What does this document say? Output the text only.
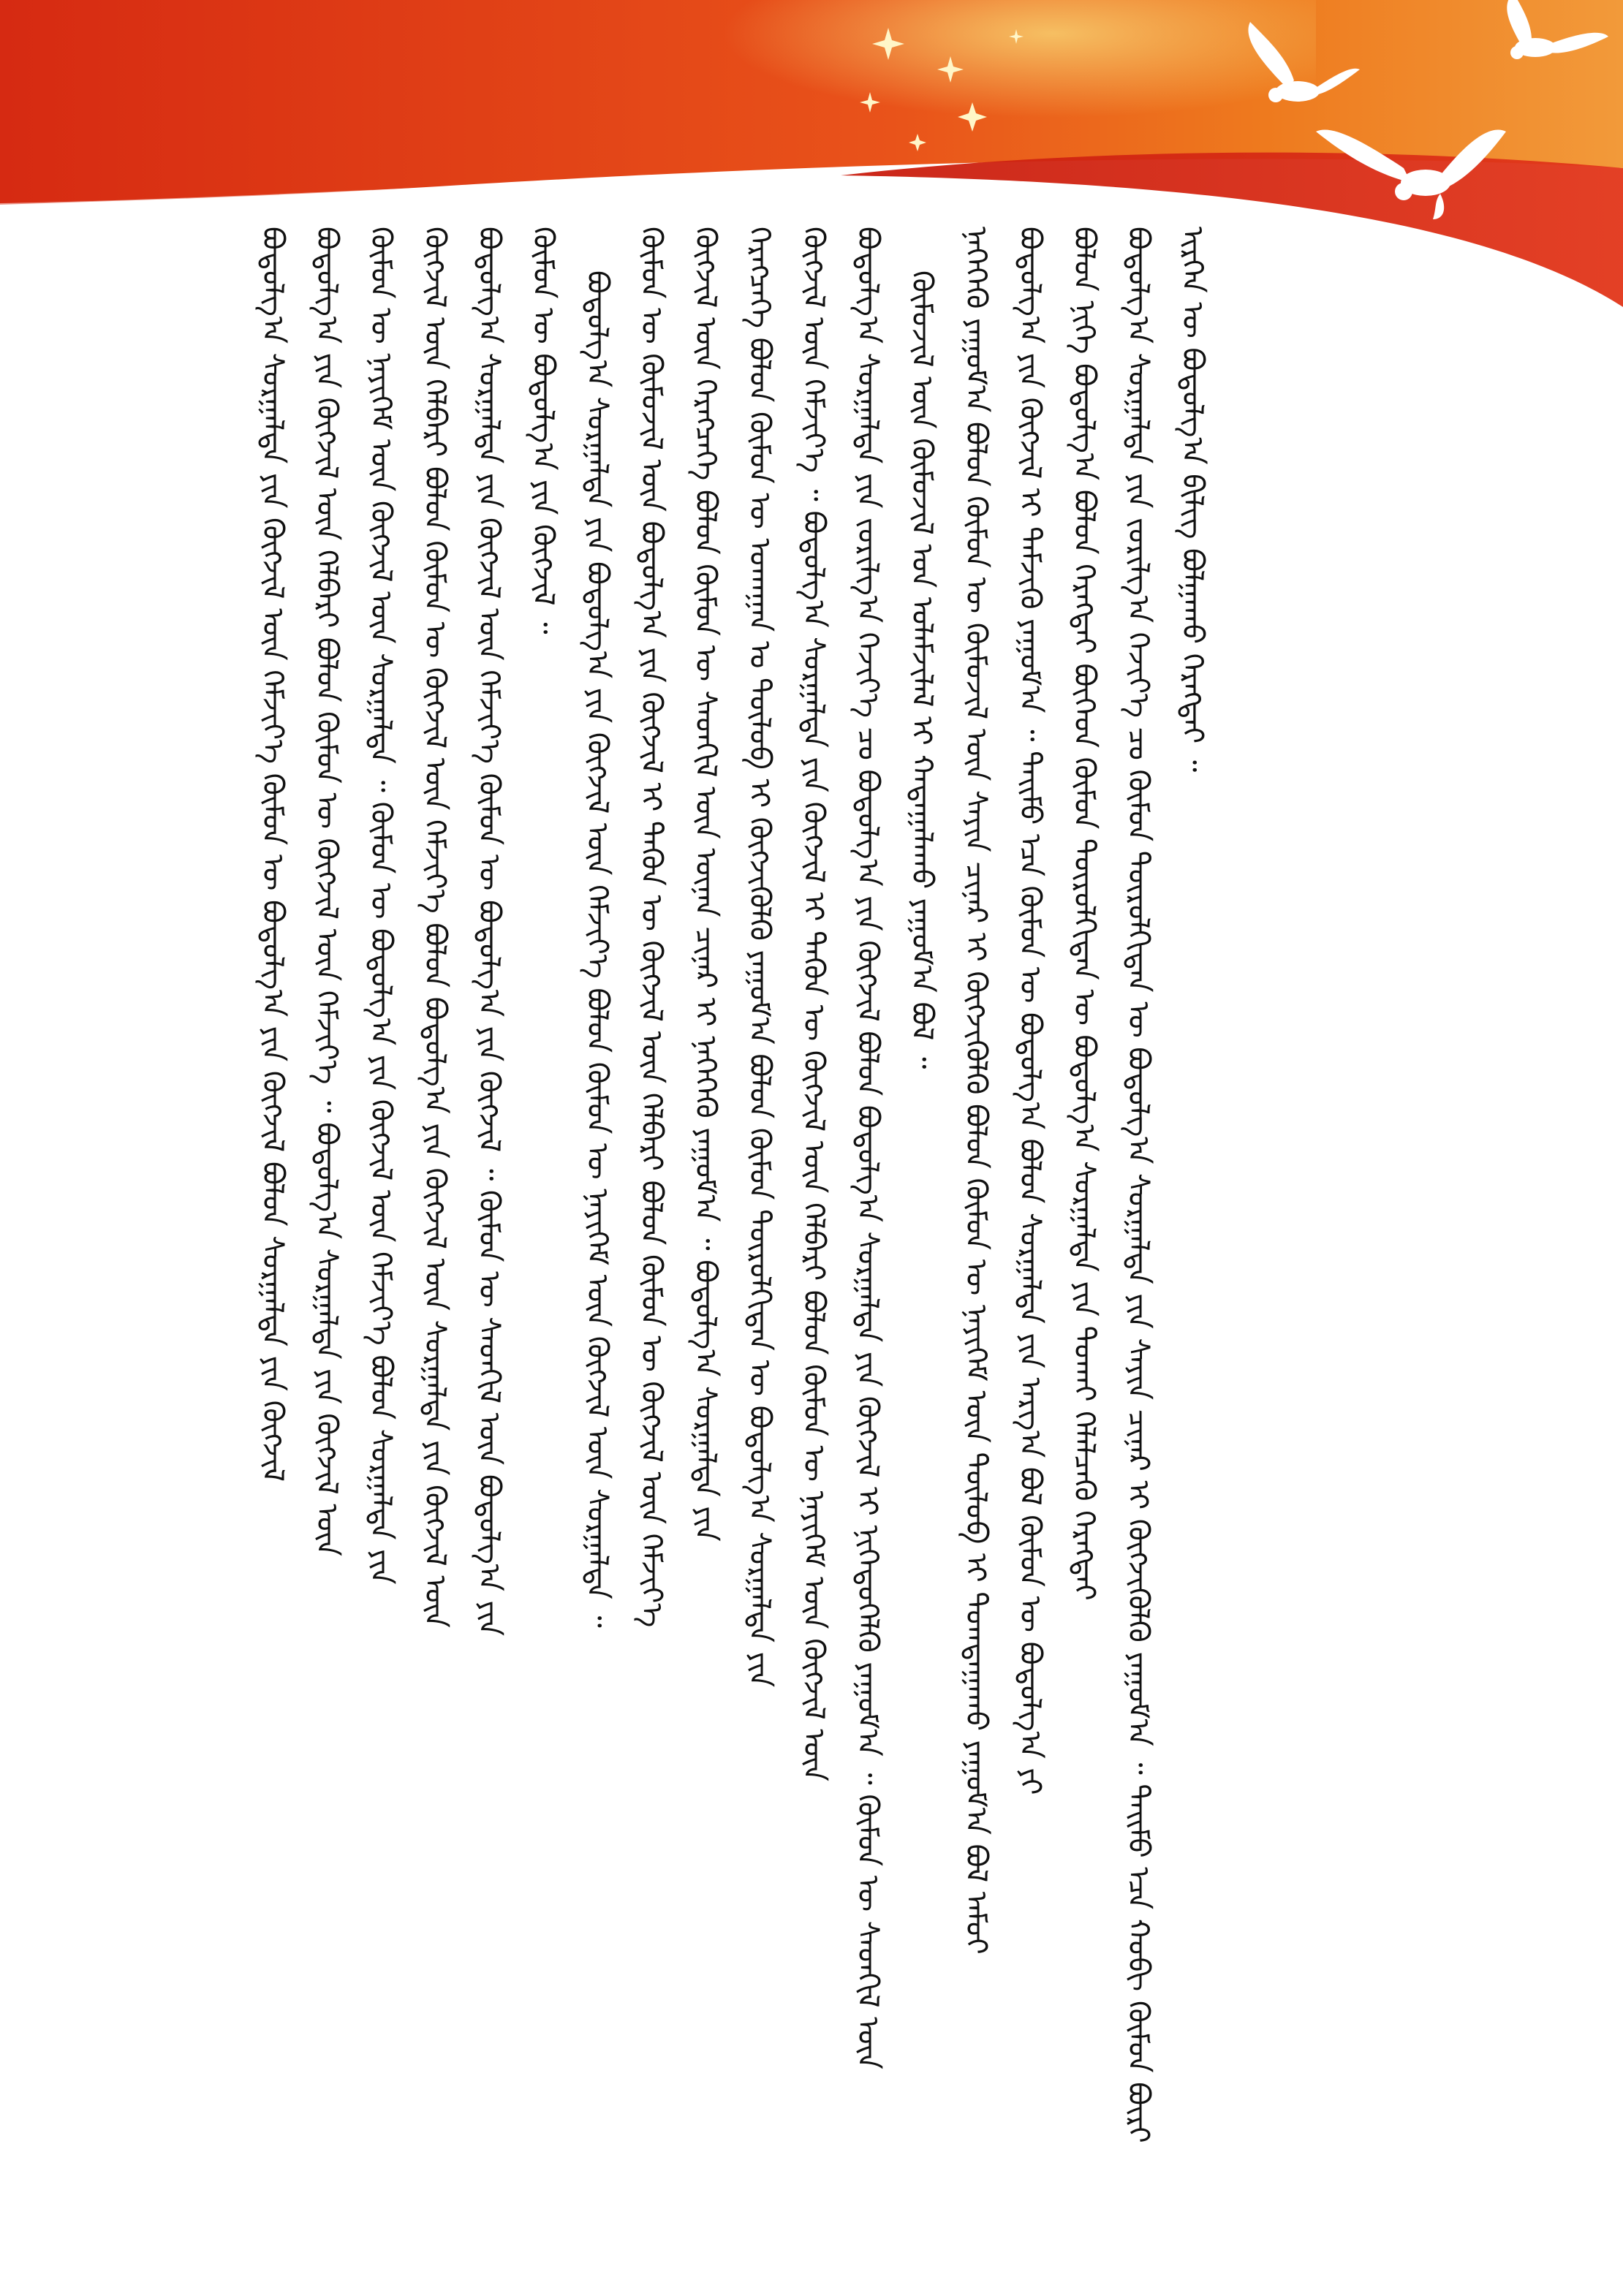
ᠢᠷᠭᠡᠨ ᠦ ᠪᠣᠳᠣᠯᠭ᠎ᠠ ᠪᠢᠯᠢᠭ ᠪᠣᠯᠭᠠᠬᠤ ᠬᠡᠷᠡᠭᠲᠡᠢ ᠃
ᠪᠣᠳᠣᠯᠭ᠎ᠠ ᠰᠤᠷᠭᠠᠯᠲᠠ ᠶᠢᠨ ᠵᠣᠷᠢᠯᠭ᠎ᠠ ᠬᠡᠵᠢᠶ᠎ᠡ ᠴᠤ ᠬᠦᠮᠦᠨ ᠲᠥᠷᠥᠯᠬᠢᠲᠡᠨ ᠦ ᠪᠣᠳᠣᠯᠭ᠎ᠠ ᠰᠤᠷᠭᠠᠯᠲᠠ ᠶᠢᠨ ᠰᠠᠶᠢᠨ ᠴᠢᠨᠠᠷ ᠢ ᠬᠥᠭᠵᠢᠭᠦᠯᠬᠦ ᠶᠠᠭᠤᠮ᠎ᠠ ᠃ ᠲᠡᠢᠮᠦ ᠡᠴᠡ ᠬᠤᠪᠢ ᠬᠥᠮᠦᠨ ᠪᠦᠷᠢ
ᠪᠣᠯᠤᠨ ᠨᠢᠭᠡ ᠪᠣᠳᠣᠯᠭ᠎ᠠ ᠪᠣᠯᠤᠨ ᠬᠡᠷᠡᠭᠲᠡᠢ ᠪᠥᠭᠡᠳ ᠬᠦᠮᠦᠨ ᠲᠥᠷᠥᠯᠬᠢᠲᠡᠨ ᠦ ᠪᠣᠳᠣᠯᠭ᠎ᠠ ᠰᠤᠷᠭᠠᠯᠲᠠ ᠶᠢᠨ ᠲᠤᠬᠠᠢ ᠬᠡᠯᠡᠯᠴᠡᠬᠦ ᠬᠡᠷᠡᠭᠲᠡᠢ
ᠪᠣᠳᠣᠯᠭ᠎ᠠ ᠶᠢᠨ ᠬᠥᠭᠵᠢᠯ ᠢ ᠳᠡᠮᠵᠢᠬᠦ ᠶᠠᠭᠤᠮ᠎ᠠ ᠃ ᠲᠡᠢᠮᠦ ᠡᠴᠡ ᠬᠥᠮᠦᠨ ᠦ ᠪᠣᠳᠣᠯᠭ᠎ᠠ ᠪᠣᠯᠤᠨ ᠰᠤᠷᠭᠠᠯᠲᠠ ᠶᠢᠨ ᠠᠷᠭ᠎ᠠ ᠪᠣᠯ ᠬᠥᠮᠦᠨ ᠦ ᠪᠣᠳᠣᠯᠭ᠎ᠠ ᠶᠢ
ᠨᠡᠭᠡᠭᠡᠬᠦ ᠶᠠᠭᠤᠮ᠎ᠠ ᠪᠣᠯᠤᠨ ᠬᠥᠮᠦᠨ ᠦ ᠬᠥᠮᠦᠵᠢᠯ ᠦᠨ ᠰᠠᠶᠢᠨ ᠴᠢᠨᠠᠷ ᠢ ᠬᠥᠭᠵᠢᠭᠦᠯᠬᠦ ᠪᠣᠯᠤᠨ ᠬᠥᠮᠦᠨ ᠦ ᠨᠡᠶᠢᠭᠡᠮ ᠦᠨ ᠲᠥᠯᠦᠪ ᠢ ᠲᠣᠭᠲᠠᠭᠠᠬᠤ ᠶᠠᠭᠤᠮ᠎ᠠ ᠪᠣᠯ ᠠᠮᠤᠢ
ᠬᠥᠮᠦᠵᠢᠯ ᠦᠨ ᠬᠥᠮᠦᠵᠢᠯ ᠤᠨ ᠤᠯᠠᠮᠵᠢᠯᠠᠯ ᠢ ᠬᠠᠳᠠᠭᠠᠯᠠᠬᠤ ᠶᠠᠭᠤᠮ᠎ᠠ ᠪᠣᠯ ᠃
ᠪᠣᠳᠣᠯᠭ᠎ᠠ ᠰᠤᠷᠭᠠᠯᠲᠠ ᠶᠢᠨ ᠵᠣᠷᠢᠯᠭ᠎ᠠ ᠬᠡᠵᠢᠶ᠎ᠡ ᠴᠤ ᠪᠣᠳᠣᠯᠭ᠎ᠠ ᠶᠢᠨ ᠬᠥᠭᠵᠢᠯ ᠪᠣᠯᠤᠨ ᠪᠣᠳᠣᠯᠭ᠎ᠠ ᠰᠤᠷᠭᠠᠯᠲᠠ ᠶᠢᠨ ᠬᠥᠭᠵᠢᠯ ᠢ ᠨᠢᠭᠡᠳᠦᠭᠡᠯᠬᠦ ᠶᠠᠭᠤᠮ᠎ᠠ ᠃ ᠬᠥᠮᠦᠨ ᠦ ᠰᠡᠳᠬᠢᠯ ᠦᠨ
ᠬᠥᠭᠵᠢᠯ ᠦᠨ ᠬᠡᠮᠵᠢᠶ᠎ᠡ ᠃ ᠪᠣᠳᠣᠯᠭ᠎ᠠ ᠰᠤᠷᠭᠠᠯᠲᠠ ᠶᠢᠨ ᠬᠥᠭᠵᠢᠯ ᠢ ᠲᠡᠭᠦᠨ ᠦ ᠬᠥᠭᠵᠢᠯ ᠦᠨ ᠬᠡᠯᠪᠡᠷᠢ ᠪᠣᠯᠤᠨ ᠬᠥᠮᠦᠨ ᠦ ᠨᠡᠶᠢᠭᠡᠮ ᠦᠨ ᠬᠥᠭᠵᠢᠯ ᠦᠨ
ᠬᠡᠷᠡᠭᠴᠡᠭᠡ ᠪᠣᠯᠤᠨ ᠬᠥᠮᠦᠨ ᠦ ᠤᠬᠠᠭᠠᠨ ᠤ ᠲᠥᠯᠦᠪ ᠢ ᠬᠥᠭᠵᠢᠭᠦᠯᠬᠦ ᠶᠠᠭᠤᠮ᠎ᠠ ᠪᠣᠯᠤᠨ ᠬᠥᠮᠦᠨ ᠲᠥᠷᠥᠯᠬᠢᠲᠡᠨ ᠦ ᠪᠣᠳᠣᠯᠭ᠎ᠠ ᠰᠤᠷᠭᠠᠯᠲᠠ ᠶᠢᠨ
ᠬᠥᠭᠵᠢᠯ ᠦᠨ ᠬᠡᠷᠡᠭᠴᠡᠭᠡ ᠪᠣᠯᠤᠨ ᠬᠥᠮᠦᠨ ᠦ ᠰᠡᠳᠬᠢᠯ ᠦᠨ ᠦᠨᠡᠨ ᠴᠢᠨᠠᠷ ᠢ ᠨᠡᠭᠡᠭᠡᠬᠦ ᠶᠠᠭᠤᠮ᠎ᠠ ᠃ ᠪᠣᠳᠣᠯᠭ᠎ᠠ ᠰᠤᠷᠭᠠᠯᠲᠠ ᠶᠢᠨ
ᠬᠥᠮᠦᠨ ᠦ ᠬᠥᠮᠦᠵᠢᠯ ᠦᠨ ᠪᠣᠳᠣᠯᠭ᠎ᠠ ᠶᠢᠨ ᠬᠥᠭᠵᠢᠯ ᠢ ᠲᠡᠭᠦᠨ ᠦ ᠬᠥᠭᠵᠢᠯ ᠦᠨ ᠬᠡᠯᠪᠡᠷᠢ ᠪᠣᠯᠤᠨ ᠬᠥᠮᠦᠨ ᠦ ᠬᠥᠭᠵᠢᠯ ᠦᠨ ᠬᠡᠮᠵᠢᠶ᠎ᠡ
ᠪᠣᠳᠣᠯᠭ᠎ᠠ ᠰᠤᠷᠭᠠᠯᠲᠠ ᠶᠢᠨ ᠪᠣᠳᠣᠯᠭ᠎ᠠ ᠶᠢᠨ ᠬᠥᠭᠵᠢᠯ ᠦᠨ ᠬᠡᠮᠵᠢᠶ᠎ᠡ ᠪᠣᠯᠤᠨ ᠬᠥᠮᠦᠨ ᠦ ᠨᠡᠶᠢᠭᠡᠮ ᠦᠨ ᠬᠥᠭᠵᠢᠯ ᠦᠨ ᠰᠤᠷᠭᠠᠯᠲᠠ ᠃
ᠬᠥᠮᠦᠨ ᠦ ᠪᠣᠳᠣᠯᠭ᠎ᠠ ᠶᠢᠨ ᠬᠥᠭᠵᠢᠯ ᠃
ᠪᠣᠳᠣᠯᠭ᠎ᠠ ᠰᠤᠷᠭᠠᠯᠲᠠ ᠶᠢᠨ ᠬᠥᠭᠵᠢᠯ ᠦᠨ ᠬᠡᠮᠵᠢᠶ᠎ᠡ ᠬᠥᠮᠦᠨ ᠦ ᠪᠣᠳᠣᠯᠭ᠎ᠠ ᠶᠢᠨ ᠬᠥᠭᠵᠢᠯ ᠃ ᠬᠥᠮᠦᠨ ᠦ ᠰᠡᠳᠬᠢᠯ ᠦᠨ ᠪᠣᠳᠣᠯᠭ᠎ᠠ ᠶᠢᠨ
ᠬᠥᠭᠵᠢᠯ ᠦᠨ ᠬᠡᠯᠪᠡᠷᠢ ᠪᠣᠯᠤᠨ ᠬᠥᠮᠦᠨ ᠦ ᠬᠥᠭᠵᠢᠯ ᠦᠨ ᠬᠡᠮᠵᠢᠶ᠎ᠡ ᠪᠣᠯᠤᠨ ᠪᠣᠳᠣᠯᠭ᠎ᠠ ᠶᠢᠨ ᠬᠥᠭᠵᠢᠯ ᠦᠨ ᠰᠤᠷᠭᠠᠯᠲᠠ ᠶᠢᠨ ᠬᠥᠭᠵᠢᠯ ᠦᠨ
ᠬᠥᠮᠦᠨ ᠦ ᠨᠡᠶᠢᠭᠡᠮ ᠦᠨ ᠬᠥᠭᠵᠢᠯ ᠦᠨ ᠰᠤᠷᠭᠠᠯᠲᠠ ᠃ ᠬᠥᠮᠦᠨ ᠦ ᠪᠣᠳᠣᠯᠭ᠎ᠠ ᠶᠢᠨ ᠬᠥᠭᠵᠢᠯ ᠦᠨ ᠬᠡᠮᠵᠢᠶ᠎ᠡ ᠪᠣᠯᠤᠨ ᠰᠤᠷᠭᠠᠯᠲᠠ ᠶᠢᠨ
ᠪᠣᠳᠣᠯᠭ᠎ᠠ ᠶᠢᠨ ᠬᠥᠭᠵᠢᠯ ᠦᠨ ᠬᠡᠯᠪᠡᠷᠢ ᠪᠣᠯᠤᠨ ᠬᠥᠮᠦᠨ ᠦ ᠬᠥᠭᠵᠢᠯ ᠦᠨ ᠬᠡᠮᠵᠢᠶ᠎ᠡ ᠃ ᠪᠣᠳᠣᠯᠭ᠎ᠠ ᠰᠤᠷᠭᠠᠯᠲᠠ ᠶᠢᠨ ᠬᠥᠭᠵᠢᠯ ᠦᠨ
ᠪᠣᠳᠣᠯᠭ᠎ᠠ ᠰᠤᠷᠭᠠᠯᠲᠠ ᠶᠢᠨ ᠬᠥᠭᠵᠢᠯ ᠦᠨ ᠬᠡᠮᠵᠢᠶ᠎ᠡ ᠬᠥᠮᠦᠨ ᠦ ᠪᠣᠳᠣᠯᠭ᠎ᠠ ᠶᠢᠨ ᠬᠥᠭᠵᠢᠯ ᠪᠣᠯᠤᠨ ᠰᠤᠷᠭᠠᠯᠲᠠ ᠶᠢᠨ ᠬᠥᠭᠵᠢᠯ
